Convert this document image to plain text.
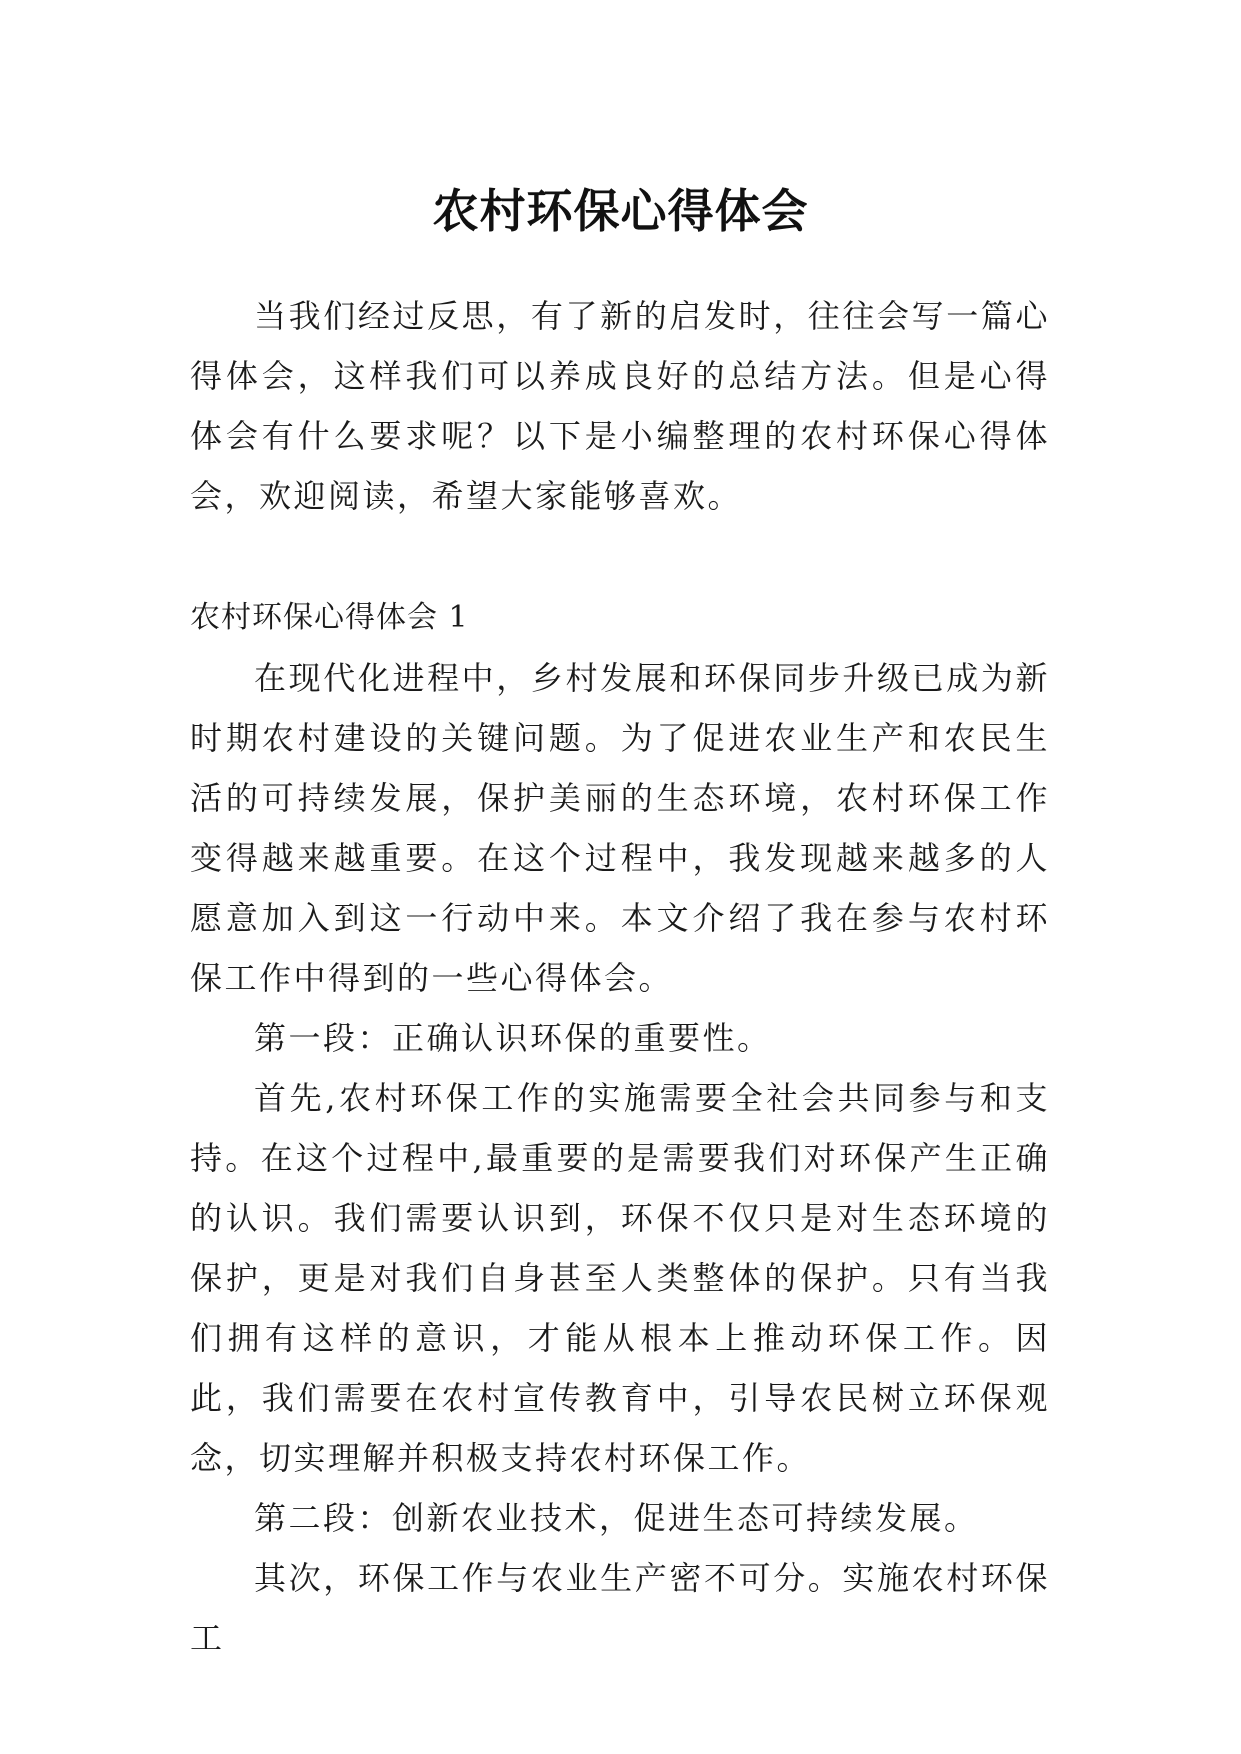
农村环保心得体会

当我们经过反思，有了新的启发时，往往会写一篇心得体会，这样我们可以养成良好的总结方法。但是心得体会有什么要求呢？以下是小编整理的农村环保心得体会，欢迎阅读，希望大家能够喜欢。

农村环保心得体会 1

在现代化进程中，乡村发展和环保同步升级已成为新时期农村建设的关键问题。为了促进农业生产和农民生活的可持续发展，保护美丽的生态环境，农村环保工作变得越来越重要。在这个过程中，我发现越来越多的人愿意加入到这一行动中来。本文介绍了我在参与农村环保工作中得到的一些心得体会。

第一段：正确认识环保的重要性。

首先,农村环保工作的实施需要全社会共同参与和支持。在这个过程中,最重要的是需要我们对环保产生正确的认识。我们需要认识到，环保不仅只是对生态环境的保护，更是对我们自身甚至人类整体的保护。只有当我们拥有这样的意识，才能从根本上推动环保工作。因此，我们需要在农村宣传教育中，引导农民树立环保观念，切实理解并积极支持农村环保工作。

第二段：创新农业技术，促进生态可持续发展。

其次，环保工作与农业生产密不可分。实施农村环保工
